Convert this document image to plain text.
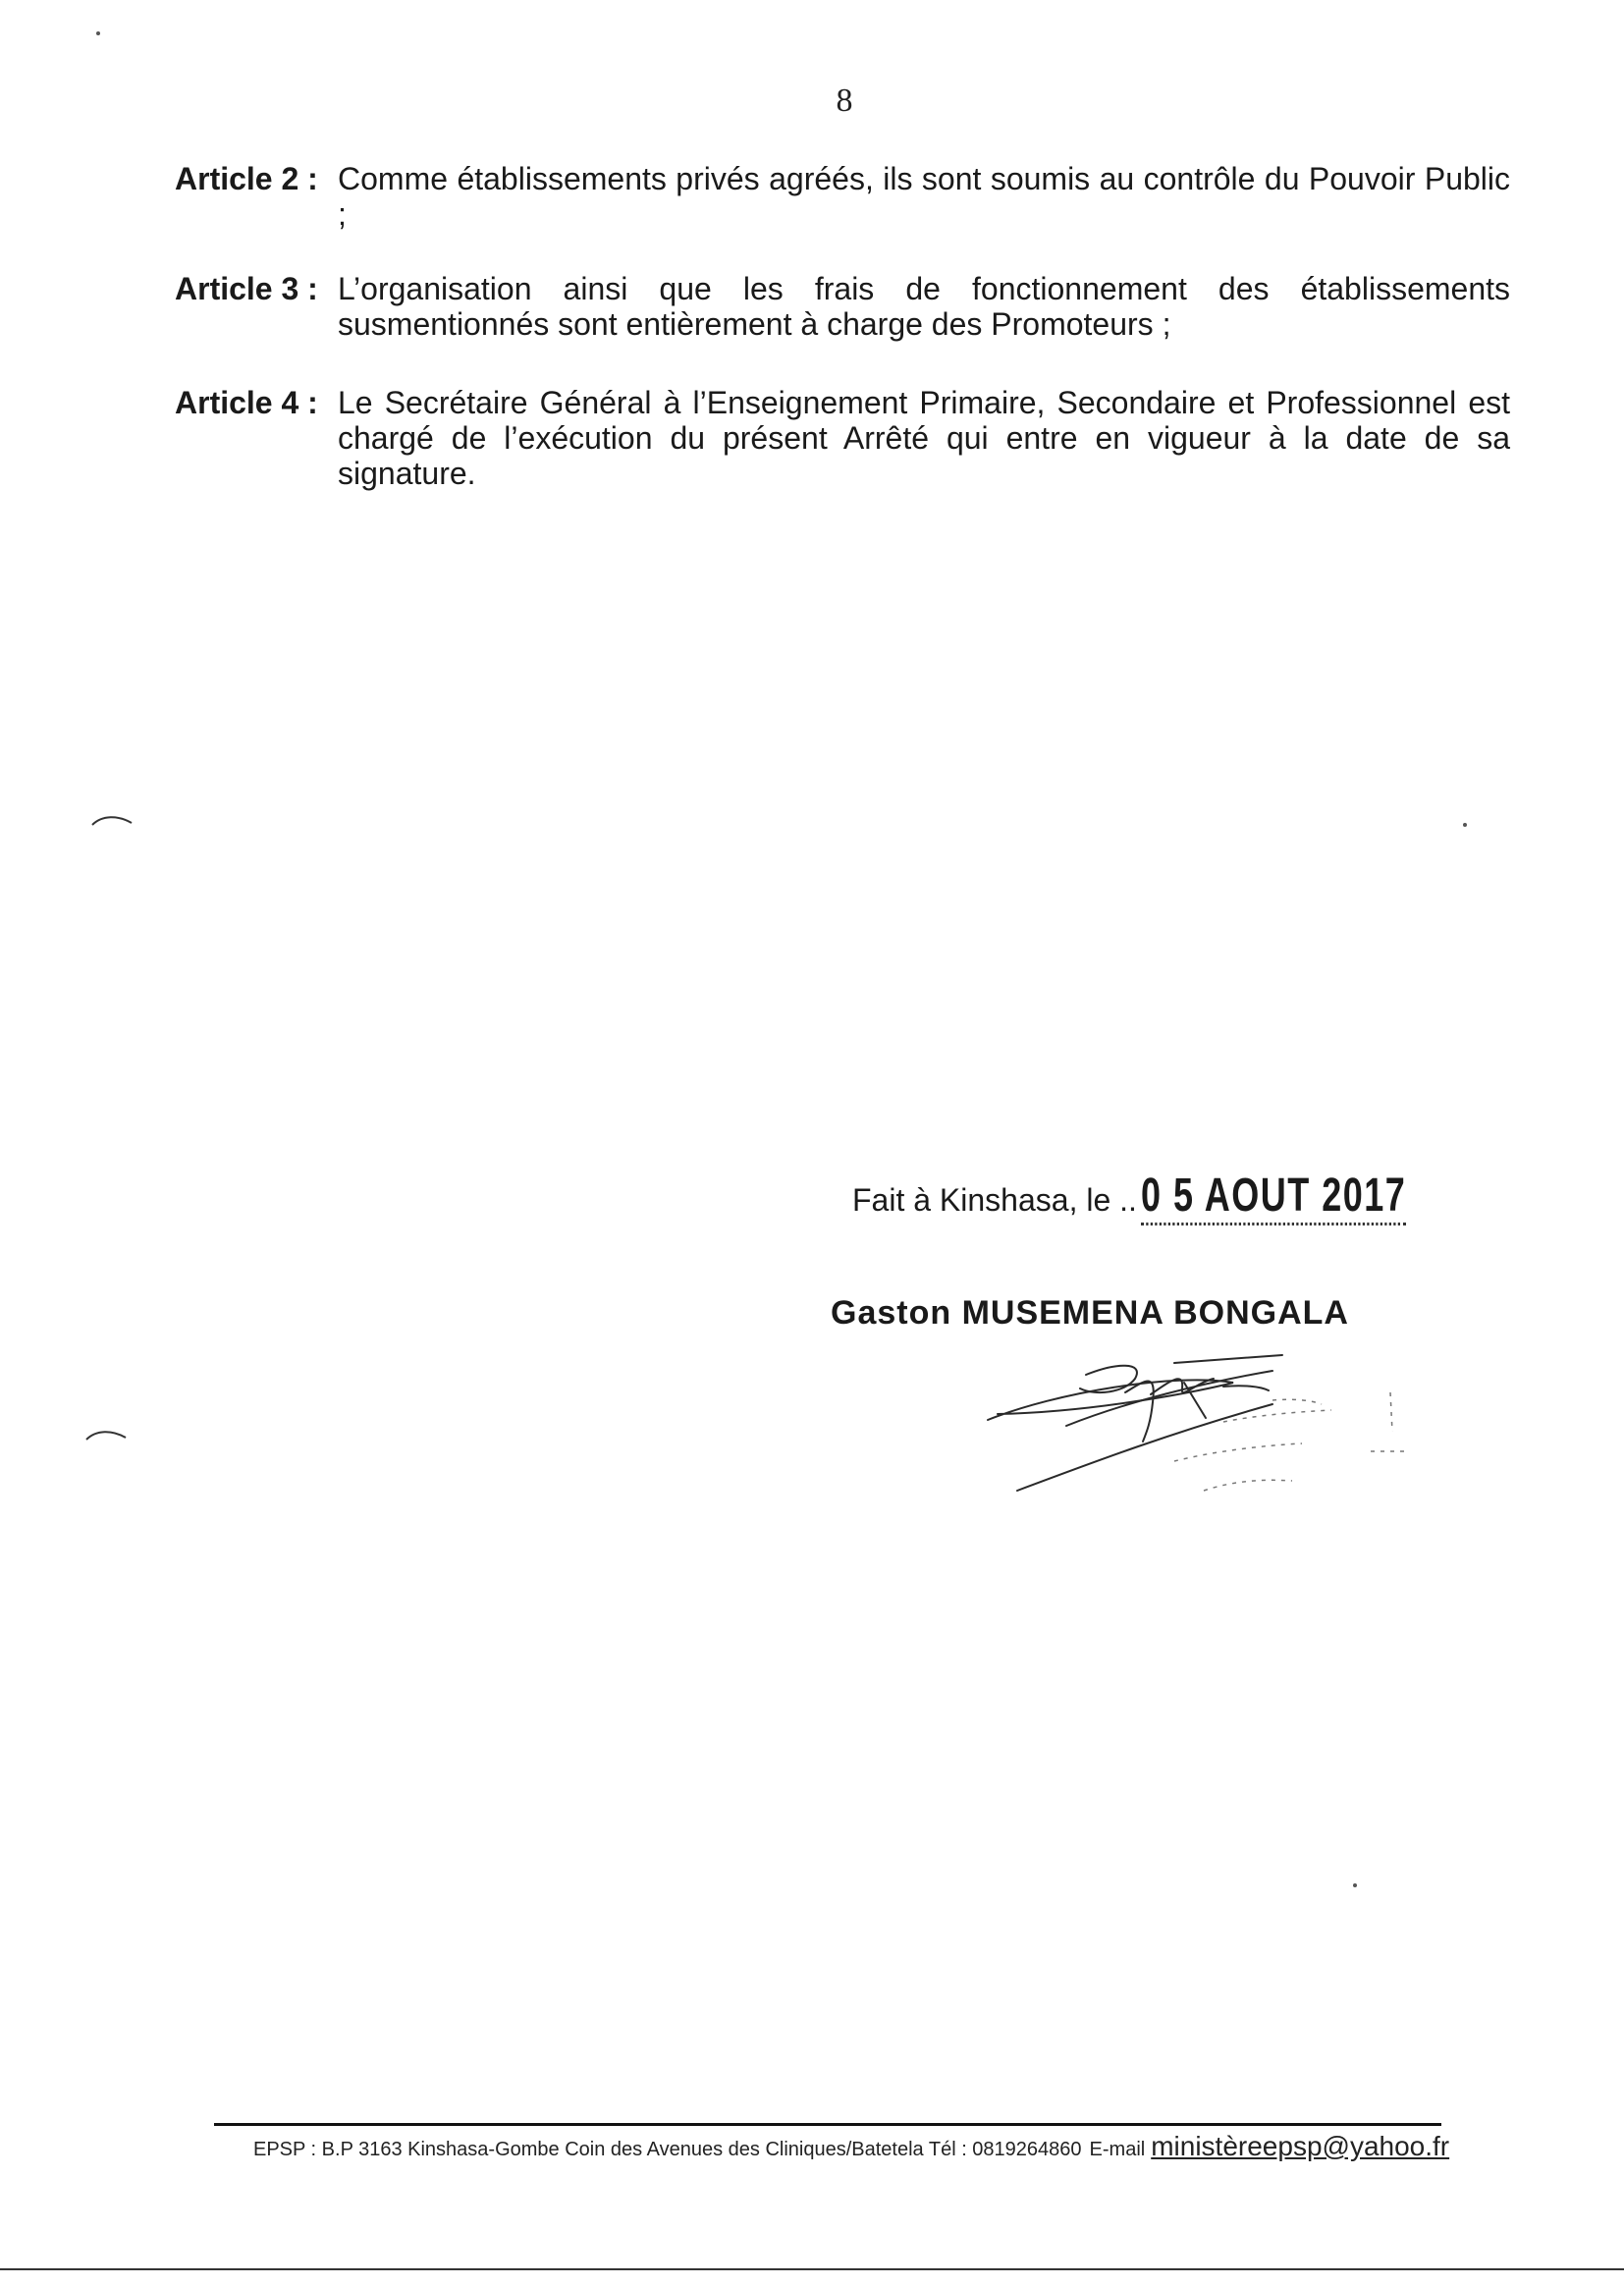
8
Article 2 : Comme établissements privés agréés, ils sont soumis au contrôle du Pouvoir Public ;
Article 3 : L’organisation ainsi que les frais de fonctionnement des établissements susmentionnés sont entièrement à charge des Promoteurs ;
Article 4 : Le Secrétaire Général à l’Enseignement Primaire, Secondaire et Professionnel est chargé de l’exécution du présent Arrêté qui entre en vigueur à la date de sa signature.
Fait à Kinshasa, le .. 0 5 AOUT 2017
Gaston MUSEMENA BONGALA
EPSP : B.P 3163 Kinshasa-Gombe Coin des Avenues des Cliniques/Batetela Tél : 0819264860 E-mail ministèreepsp@yahoo.fr
